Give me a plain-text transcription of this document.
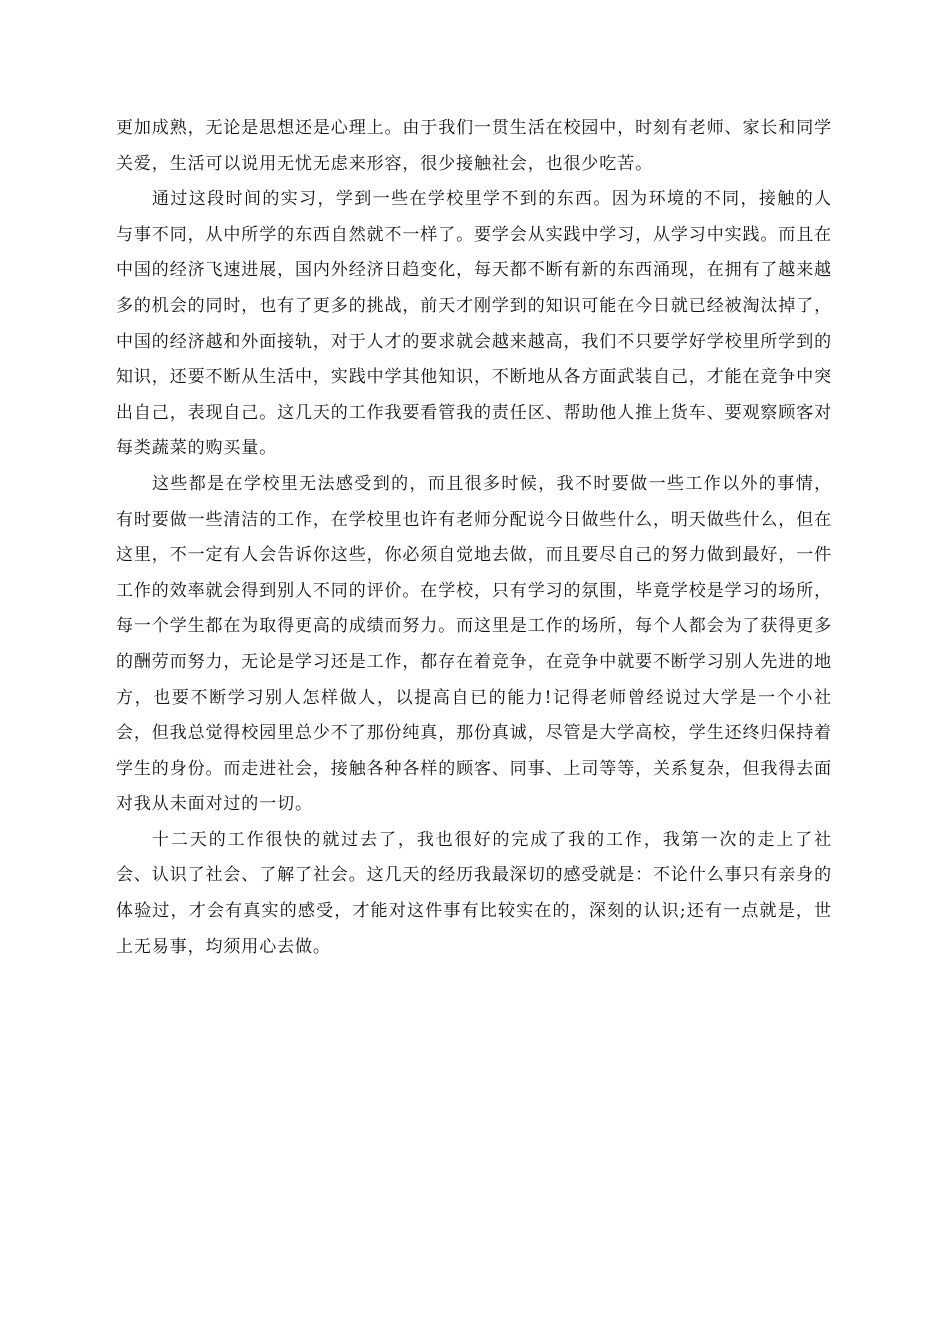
更加成熟，无论是思想还是心理上。由于我们一贯生活在校园中，时刻有老师、家长和同学关爱，生活可以说用无忧无虑来形容，很少接触社会，也很少吃苦。

通过这段时间的实习，学到一些在学校里学不到的东西。因为环境的不同，接触的人与事不同，从中所学的东西自然就不一样了。要学会从实践中学习，从学习中实践。而且在中国的经济飞速进展，国内外经济日趋变化，每天都不断有新的东西涌现，在拥有了越来越多的机会的同时，也有了更多的挑战，前天才刚学到的知识可能在今日就已经被淘汰掉了，中国的经济越和外面接轨，对于人才的要求就会越来越高，我们不只要学好学校里所学到的知识，还要不断从生活中，实践中学其他知识，不断地从各方面武装自己，才能在竞争中突出自己，表现自己。这几天的工作我要看管我的责任区、帮助他人推上货车、要观察顾客对每类蔬菜的购买量。

这些都是在学校里无法感受到的，而且很多时候，我不时要做一些工作以外的事情，有时要做一些清洁的工作，在学校里也许有老师分配说今日做些什么，明天做些什么，但在这里，不一定有人会告诉你这些，你必须自觉地去做，而且要尽自己的努力做到最好，一件工作的效率就会得到别人不同的评价。在学校，只有学习的氛围，毕竟学校是学习的场所，每一个学生都在为取得更高的成绩而努力。而这里是工作的场所，每个人都会为了获得更多的酬劳而努力，无论是学习还是工作，都存在着竞争，在竞争中就要不断学习别人先进的地方，也要不断学习别人怎样做人，以提高自已的能力!记得老师曾经说过大学是一个小社会，但我总觉得校园里总少不了那份纯真，那份真诚，尽管是大学高校，学生还终归保持着学生的身份。而走进社会，接触各种各样的顾客、同事、上司等等，关系复杂，但我得去面对我从未面对过的一切。

十二天的工作很快的就过去了，我也很好的完成了我的工作，我第一次的走上了社会、认识了社会、了解了社会。这几天的经历我最深切的感受就是：不论什么事只有亲身的体验过，才会有真实的感受，才能对这件事有比较实在的，深刻的认识;还有一点就是，世上无易事，均须用心去做。
